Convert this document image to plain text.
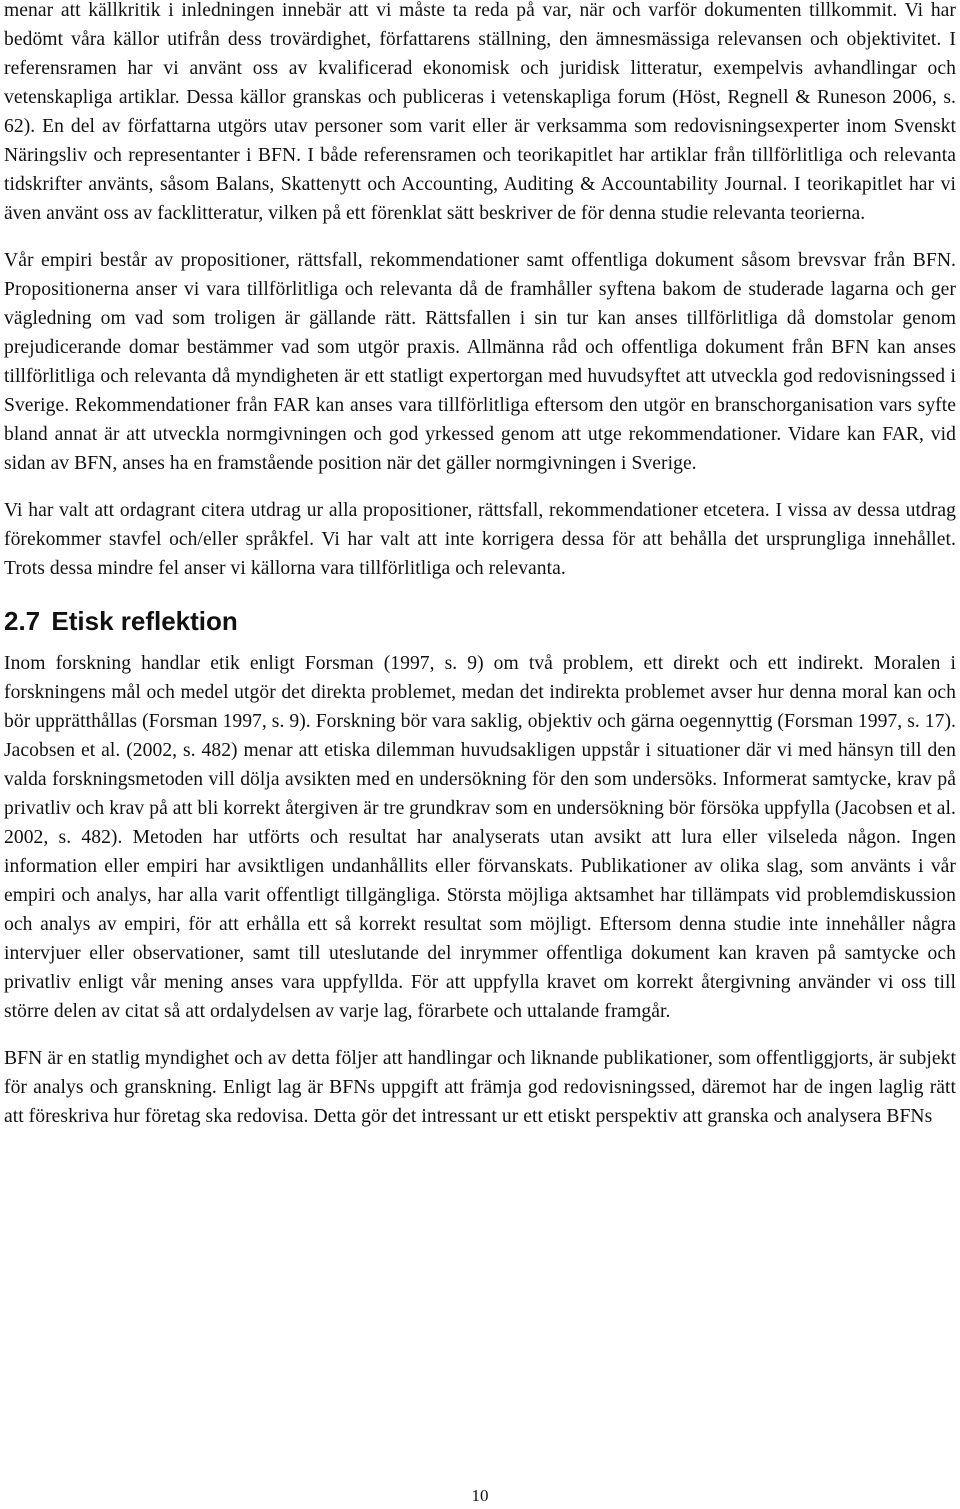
menar att källkritik i inledningen innebär att vi måste ta reda på var, när och varför dokumenten tillkommit. Vi har bedömt våra källor utifrån dess trovärdighet, författarens ställning, den ämnesmässiga relevansen och objektivitet. I referensramen har vi använt oss av kvalificerad ekonomisk och juridisk litteratur, exempelvis avhandlingar och vetenskapliga artiklar. Dessa källor granskas och publiceras i vetenskapliga forum (Höst, Regnell & Runeson 2006, s. 62). En del av författarna utgörs utav personer som varit eller är verksamma som redovisningsexperter inom Svenskt Näringsliv och representanter i BFN. I både referensramen och teorikapitlet har artiklar från tillförlitliga och relevanta tidskrifter använts, såsom Balans, Skattenytt och Accounting, Auditing & Accountability Journal. I teorikapitlet har vi även använt oss av facklitteratur, vilken på ett förenklat sätt beskriver de för denna studie relevanta teorierna.

Vår empiri består av propositioner, rättsfall, rekommendationer samt offentliga dokument såsom brevsvar från BFN. Propositionerna anser vi vara tillförlitliga och relevanta då de framhåller syftena bakom de studerade lagarna och ger vägledning om vad som troligen är gällande rätt. Rättsfallen i sin tur kan anses tillförlitliga då domstolar genom prejudicerande domar bestämmer vad som utgör praxis. Allmänna råd och offentliga dokument från BFN kan anses tillförlitliga och relevanta då myndigheten är ett statligt expertorgan med huvudsyftet att utveckla god redovisningssed i Sverige. Rekommendationer från FAR kan anses vara tillförlitliga eftersom den utgör en branschorganisation vars syfte bland annat är att utveckla normgivningen och god yrkessed genom att utge rekommendationer. Vidare kan FAR, vid sidan av BFN, anses ha en framstående position när det gäller normgivningen i Sverige.

Vi har valt att ordagrant citera utdrag ur alla propositioner, rättsfall, rekommendationer etcetera. I vissa av dessa utdrag förekommer stavfel och/eller språkfel. Vi har valt att inte korrigera dessa för att behålla det ursprungliga innehållet. Trots dessa mindre fel anser vi källorna vara tillförlitliga och relevanta.

2.7 Etisk reflektion

Inom forskning handlar etik enligt Forsman (1997, s. 9) om två problem, ett direkt och ett indirekt. Moralen i forskningens mål och medel utgör det direkta problemet, medan det indirekta problemet avser hur denna moral kan och bör upprätthållas (Forsman 1997, s. 9). Forskning bör vara saklig, objektiv och gärna oegennyttig (Forsman 1997, s. 17). Jacobsen et al. (2002, s. 482) menar att etiska dilemman huvudsakligen uppstår i situationer där vi med hänsyn till den valda forskningsmetoden vill dölja avsikten med en undersökning för den som undersöks. Informerat samtycke, krav på privatliv och krav på att bli korrekt återgiven är tre grundkrav som en undersökning bör försöka uppfylla (Jacobsen et al. 2002, s. 482). Metoden har utförts och resultat har analyserats utan avsikt att lura eller vilseleda någon. Ingen information eller empiri har avsiktligen undanhållits eller förvanskats. Publikationer av olika slag, som använts i vår empiri och analys, har alla varit offentligt tillgängliga. Största möjliga aktsamhet har tillämpats vid problemdiskussion och analys av empiri, för att erhålla ett så korrekt resultat som möjligt. Eftersom denna studie inte innehåller några intervjuer eller observationer, samt till uteslutande del inrymmer offentliga dokument kan kraven på samtycke och privatliv enligt vår mening anses vara uppfyllda. För att uppfylla kravet om korrekt återgivning använder vi oss till större delen av citat så att ordalydelsen av varje lag, förarbete och uttalande framgår.

BFN är en statlig myndighet och av detta följer att handlingar och liknande publikationer, som offentliggjorts, är subjekt för analys och granskning. Enligt lag är BFNs uppgift att främja god redovisningssed, däremot har de ingen laglig rätt att föreskriva hur företag ska redovisa. Detta gör det intressant ur ett etiskt perspektiv att granska och analysera BFNs

10
